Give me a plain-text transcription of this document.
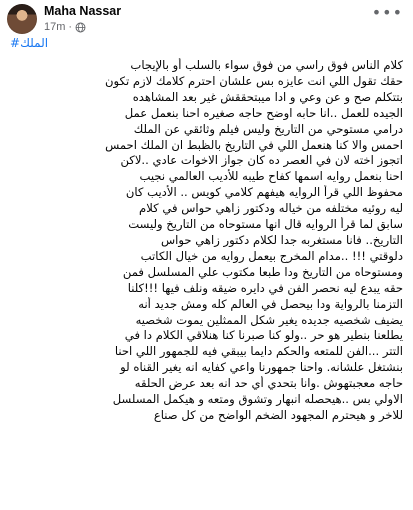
Maha Nassar
17m ·
•••
#الملك
كلام الناس فوق راسي من فوق سواء بالسلب أو بالإيجاب
حقك تقول اللي انت عايزه بس علشان احترم كلامك لازم تكون
بتتكلم صح و عن وعي و ادا ميبتحققش غير بعد المشاهده
الجيده للعمل ..انا حابه اوضح حاجه صغيره احنا بنعمل عمل
درامي مستوحي من التاريخ وليس فيلم وثائقي عن الملك
احمس والا كنا هنعمل اللي في التاريخ بالظبط ان الملك احمس
اتجوز اخته لان في العصر ده كان جواز الاخوات عادي ..لاكن
احنا بنعمل روايه اسمها كفاح طيبه للأديب العالمي نجيب
محفوظ اللي قرأ الروايه هيفهم كلامي كويس .. الأديب كان
ليه روئيه مختلفه من خياله ودكتور زاهي حواس في كلام
سابق لما قرأ الروايه قال انها مستوحاه من التاريخ وليست
التاريخ.. فانا مستغربه جدا لكلام دكتور زاهي حواس
دلوقتي !!! ..مدام المخرج بيعمل روايه من خيال الكاتب
ومستوحاه من التاريخ ودا طبعا مكتوب علي المسلسل فمن
حقه يبدع ليه نحصر الفن في دايره ضيقه ونلف فيها !!!كلنا
التزمنا بالرواية ودا بيحصل في العالم كله ومش جديد أنه
يضيف شخصيه جديده يغير شكل الممثلين يموت شخصيه
يطلعنا بنطير هو حر ..ولو كنا صبرنا كنا هنلاقي الكلام دا في
التتر ...الفن للمتعه والحكم دايما بيبقي فيه للجمهور اللي احنا
بنشتغل علشانه. واحنا جمهورنا واعي كفايه انه يغير القناه لو
حاجه معجبتهوش .وانا بتحدي أي حد انه بعد عرض الحلقه
الاولي بس ..هيحصله انبهار وتشوق ومتعه و هيكمل المسلسل
للاخر و هيحترم المجهود الضخم الواضح من كل صناع
